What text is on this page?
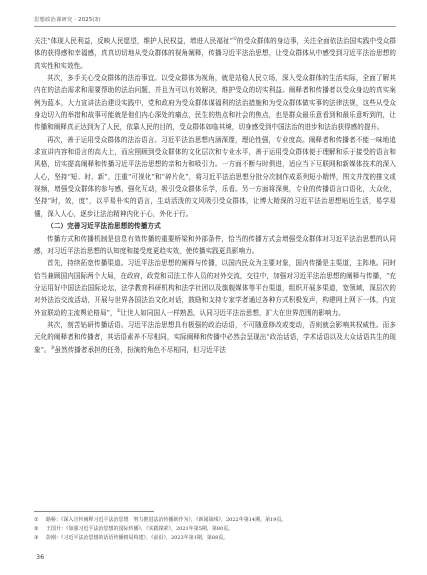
思想政治课研究 · 2025(3)

关注“体现人民利益，反映人民愿望，维护人民权益，增进人民福祉”①的受众群体的身边事，关注全面依法治国实践中受众群体的获得感和幸福感，真真切切地从受众群体的视角阐释，传播习近平法治思想，让受众群体从中感受到习近平法治思想的真实性和实效性。

其次，多手关心受众群体的法治事宜。以受众群体为视角，就是站稳人民立场，深入受众群体的生活实际，全面了解其内在的法治需求和需要帮助的法治问题，并且为可以有效解决，维护受众的切实利益。阐释者和传播者以受众身边的真实案例为蓝本，大力宣讲法治建设实践中，党和政府为受众群体谋福利的法治措施和为受众群体做实事的法律法规，这些从受众身边切入的举措和故事可能就是他们内心深处的痛点，民生的热点和社会的焦点，也是群众最乐意看到和最乐意听到的，让传播和阐释真正达到为了人民，依靠人民的目的，受众群体如临其境，切身感受到中国法治的进步和法治获得感的提升。

再次，善于运用受众群体的法治语言。习近平法治思想内涵深邃，理论性强，专业度高。阐释者和传播者不能一味地追求宣讲内容和语言的高大上，而应照顾到受众群体的文化层次和专业水平，善于运用受众群体便于理解和乐于接受的语言和风格，切实提高阐释和传播习近平法治思想的亲和力和吸引力。一方面不断与时俱进，适应当下互联网和新媒体技术的深入人心，坚持“短、时、新”，注重“可视化”和“碎片化”，将习近平法治思想分批分次制作成系列短小精悍，图文并茂的推文或视频，增强受众群体的参与感，强化互动，吸引受众群体乐学，乐看。另一方面将深奥，专业的传播语言口语化，大众化，坚持“时，效，度”，以平易朴实的语言，生动活泼的文风吸引受众群体，让博大精深的习近平法治思想贴近生活，易学易懂，深入人心，逐步让法治精神内化于心，外化于行。

（二）完善习近平法治思想的传播方式

传播方式和传播机制是信息有效传播的重要桥梁和外部条件，恰当的传播方式会增强受众群体对习近平法治思想的认同感，对习近平法治思想的认知度和接受度更趋实效，使传播实践更具影响力。

首先，持续拓宽传播渠道。习近平法治思想的阐释与传播，以国内民众为主要对象，国内传播是主渠道，主阵地。同时恰当兼顾国内国际两个大局，在政府，政党和司法工作人员的对外交流，交往中，加强对习近平法治思想的阐释与传播，“充分运用好中国法治国际论坛，法学教育科研机构和法学社团以及旗舰媒体等平台渠道，组织开展多渠道，宽领域，深层次的对外法治交流活动，开展与世界各国法治文化对话，鼓励和支持专家学者通过各种方式积极发声，构建网上网下一体，内宣外宣联动的主流舆论格局”，②让世人如同国人一样熟悉，认同习近平法治思想，扩大在世界范围的影响力。

其次，刻苦钻研传播话语。习近平法治思想具有极强的政治话语，不可随意修改或变动，否则就会影响其权威性。而多元化的阐释者和传播者，其话语素养不尽相同，实际阐释和传播中必然会呈现出“政治话语，学术话语以及大众话语共生的现象”。③虽然传播者承担的任务，扮演的角色不尽相同，但习近平法

① 路桥：《深入宣传阐释习近平法治思想　努力推进法治传播新作为》，《新闻战线》，2022年第14期，第19页。
② 王国升：《加强习近平法治思想的国际传播》，《实践探索》，2021年第5期，第80页。
③ 彭刚：《习近平法治思想的话语传播格局构建》，《前沿》，2023年第1期，第88页。
36
